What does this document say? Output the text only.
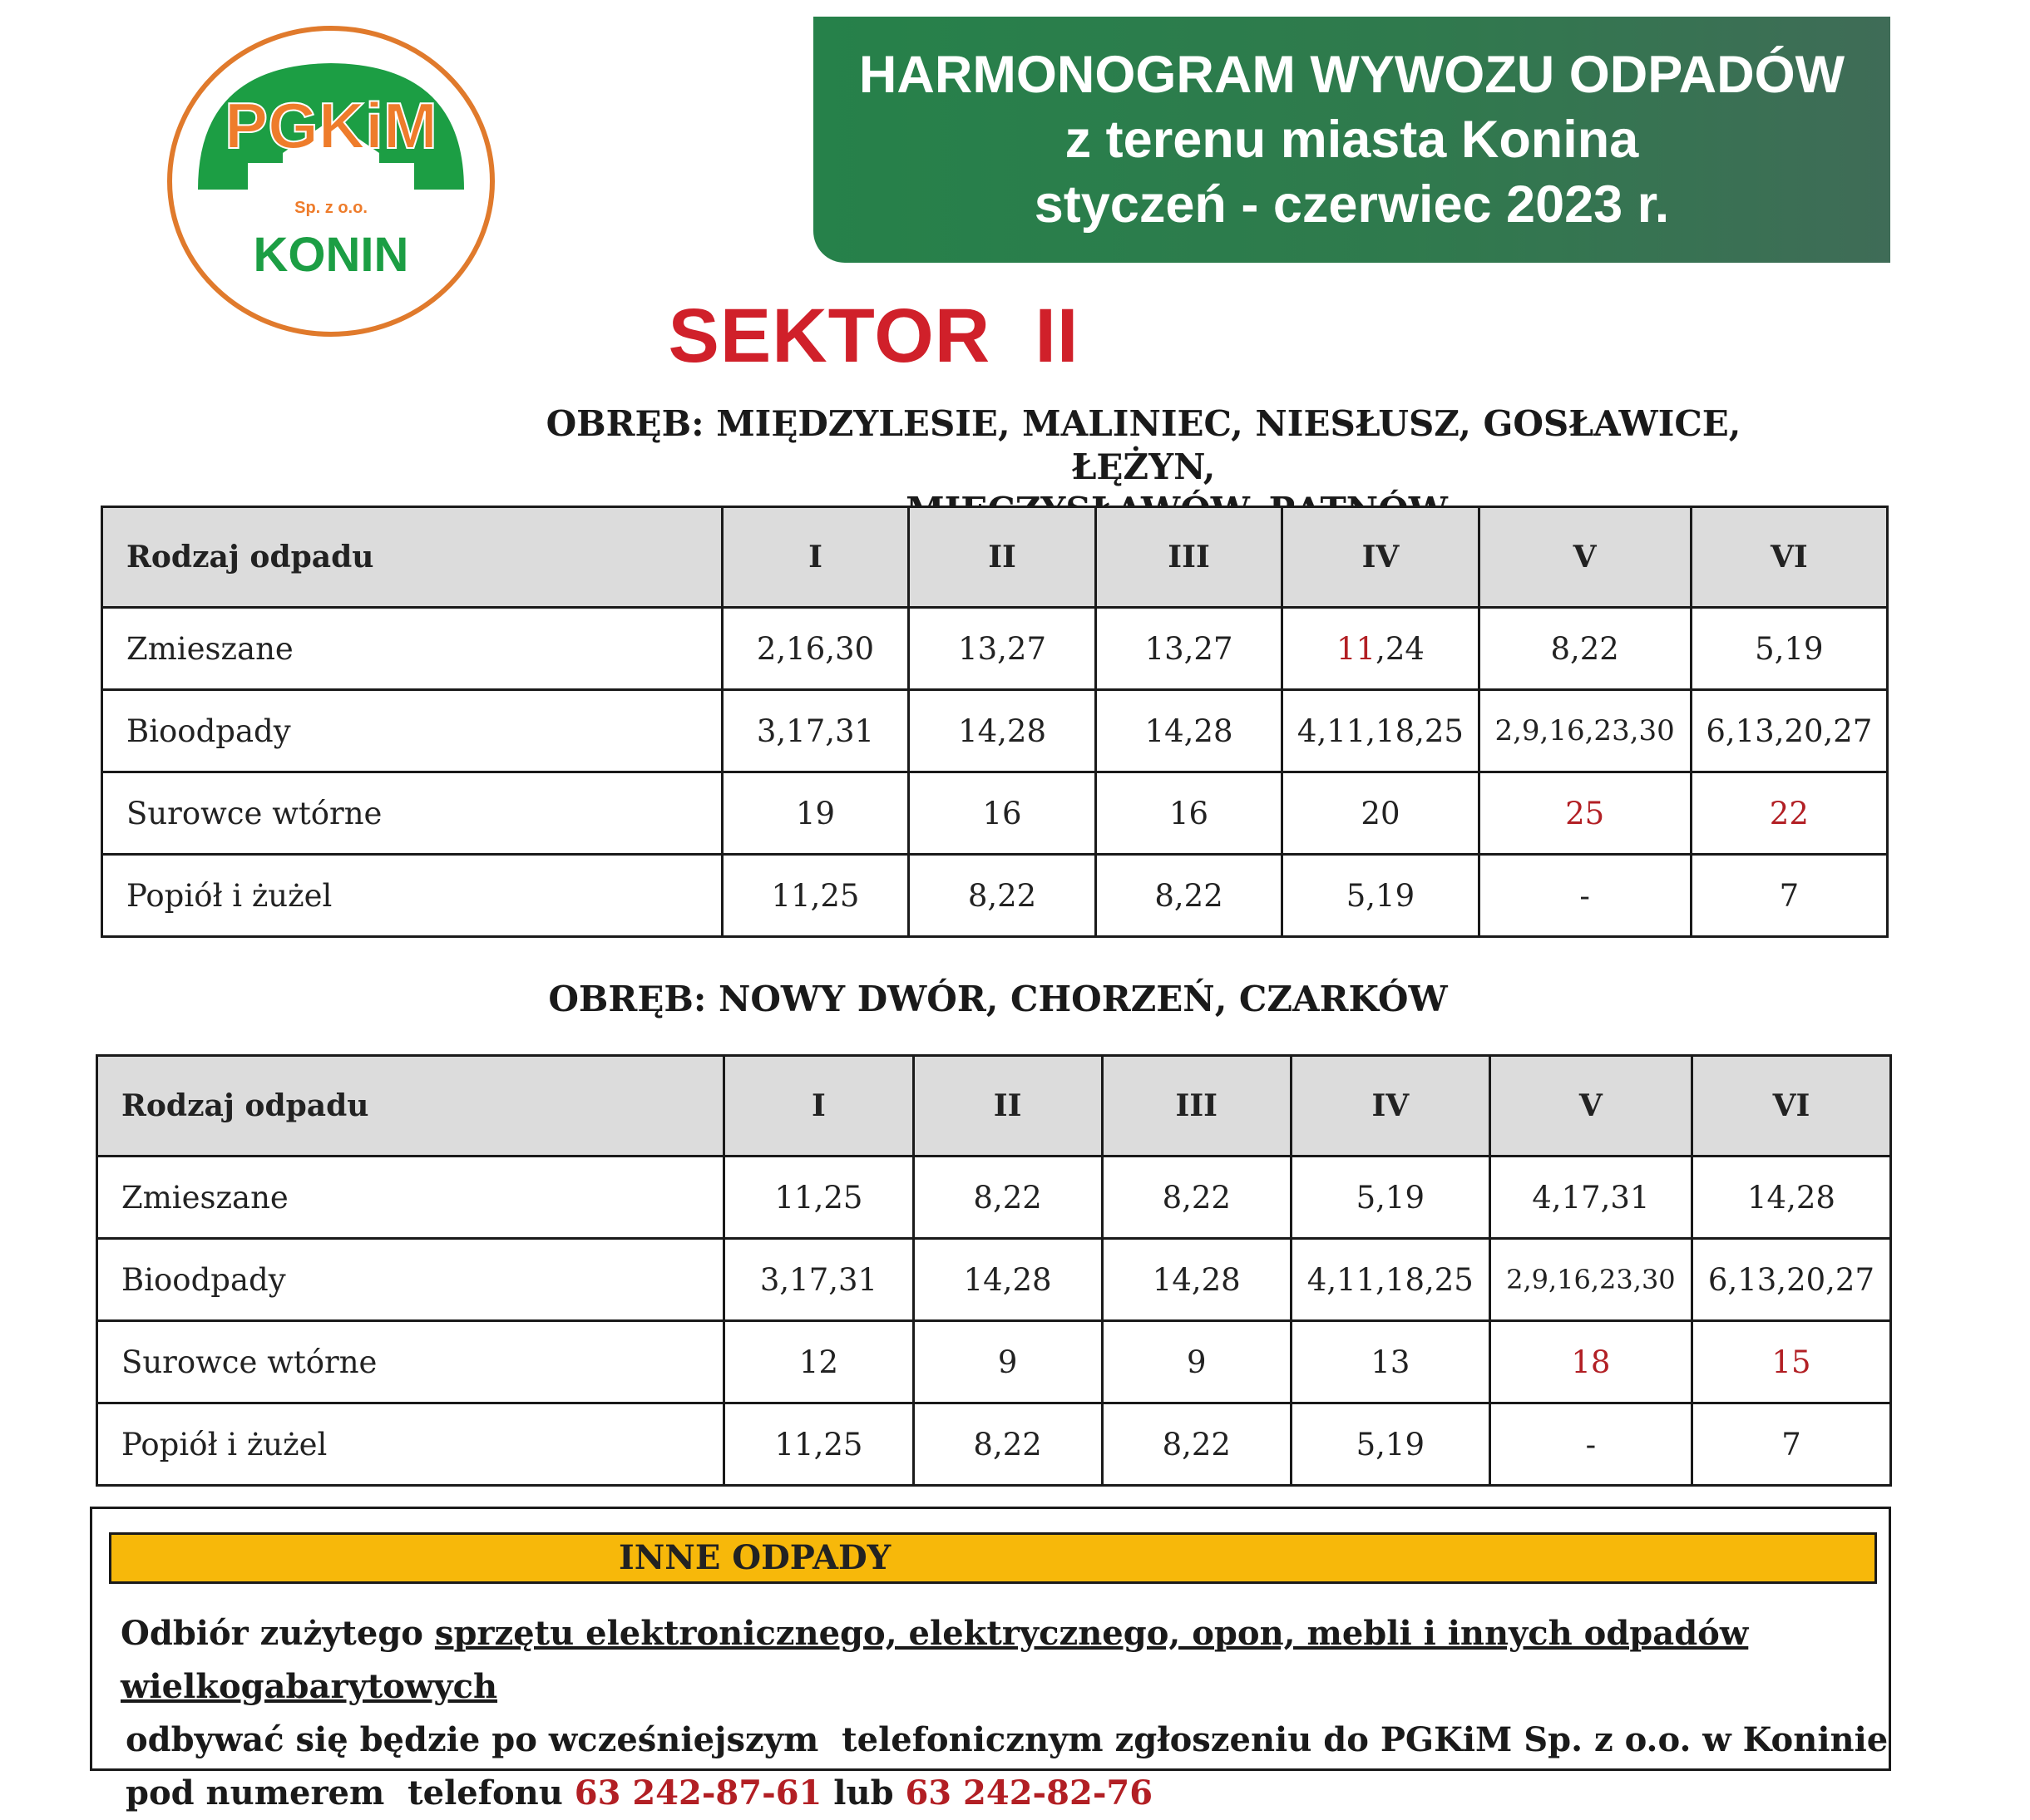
PGKiM
Sp. z o.o.
KONIN
HARMONOGRAM WYWOZU ODPADÓW
z terenu miasta Konina
styczeń - czerwiec 2023 r.
SEKTOR  II
OBRĘB: MIĘDZYLESIE, MALINIEC, NIESŁUSZ, GOSŁAWICE, ŁĘŻYN,
Rodzaj odpadu	I	II	III	IV	V	VI
Zmieszane	2,16,30	13,27	13,27	11,24	8,22	5,19
Bioodpady	3,17,31	14,28	14,28	4,11,18,25	2,9,16,23,30	6,13,20,27
Surowce wtórne	19	16	16	20	25	22
Popiół i żużel	11,25	8,22	8,22	5,19	-	7
OBRĘB: NOWY DWÓR, CHORZEŃ, CZARKÓW
Rodzaj odpadu	I	II	III	IV	V	VI
Zmieszane	11,25	8,22	8,22	5,19	4,17,31	14,28
Bioodpady	3,17,31	14,28	14,28	4,11,18,25	2,9,16,23,30	6,13,20,27
Surowce wtórne	12	9	9	13	18	15
Popiół i żużel	11,25	8,22	8,22	5,19	-	7
INNE ODPADY
Odbiór zużytego sprzętu elektronicznego, elektrycznego, opon, mebli i innych odpadów wielkogabarytowych
odbywać się będzie po wcześniejszym  telefonicznym zgłoszeniu do PGKiM Sp. z o.o. w Koninie
pod numerem  telefonu 63 242-87-61 lub 63 242-82-76
